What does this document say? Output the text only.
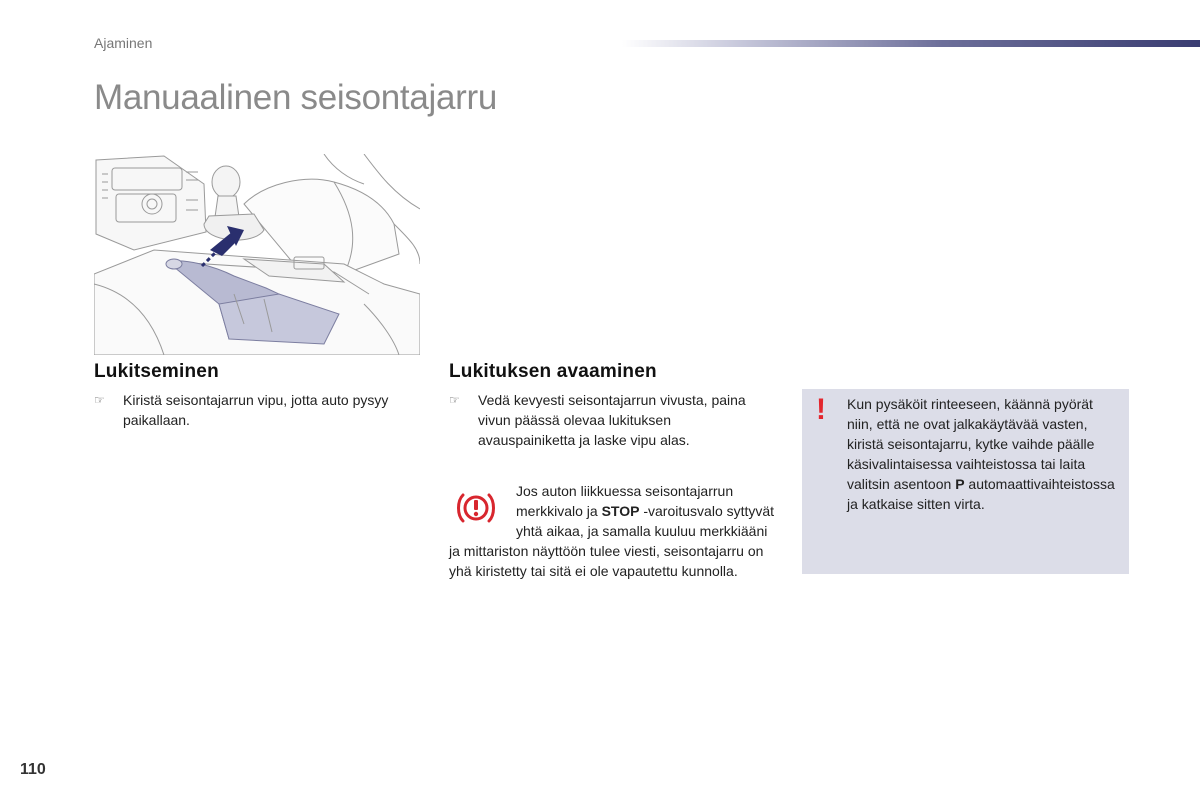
Ajaminen
Manuaalinen seisontajarru
Lukitseminen
☞ Kiristä seisontajarrun vipu, jotta auto pysyy paikallaan.
Lukituksen avaaminen
☞ Vedä kevyesti seisontajarrun vivusta, paina vivun päässä olevaa lukituksen avauspainiketta ja laske vipu alas.
Jos auton liikkuessa seisontajarrun merkkivalo ja STOP -varoitusvalo syttyvät yhtä aikaa, ja samalla kuuluu merkkiääni ja mittariston näyttöön tulee viesti, seisontajarru on yhä kiristetty tai sitä ei ole vapautettu kunnolla.
! Kun pysäköit rinteeseen, käännä pyörät niin, että ne ovat jalkakäytävää vasten, kiristä seisontajarru, kytke vaihde päälle käsivalintaisessa vaihteistossa tai laita valitsin asentoon P automaattivaihteistossa ja katkaise sitten virta.
110
